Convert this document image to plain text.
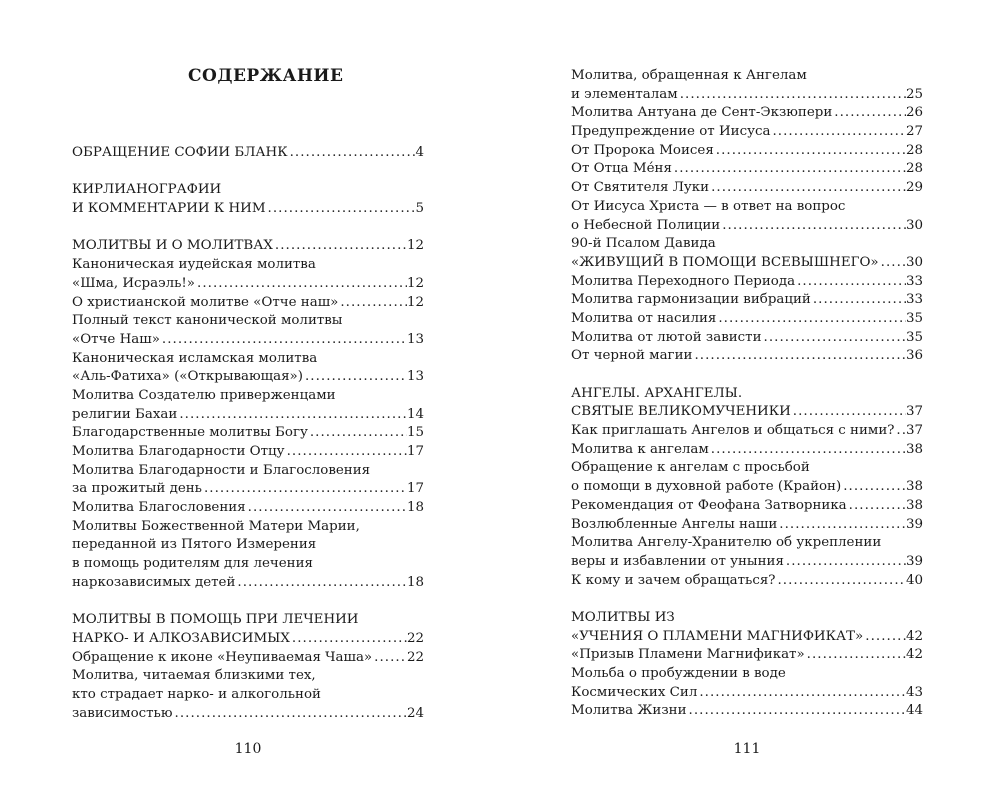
СОДЕРЖАНИЕ
ОБРАЩЕНИЕ СОФИИ БЛАНК . . .	4
КИРЛИАНОГРАФИИ
И КОММЕНТАРИИ К НИМ . . .	5
МОЛИТВЫ И О МОЛИТВАХ . . .	12
Каноническая иудейская молитва
«Шма, Исраэль!» . . .	12
О христианской молитве «Отче наш» . . .	12
Полный текст канонической молитвы
«Отче Наш» . . .	13
Каноническая исламская молитва
«Аль-Фатиха» («Открывающая») . . .	13
Молитва Создателю приверженцами
религии Бахаи . . .	14
Благодарственные молитвы Богу . . .	15
Молитва Благодарности Отцу . . .	17
Молитва Благодарности и Благословения
за прожитый день . . .	17
Молитва Благословения . . .	18
Молитвы Божественной Матери Марии,
переданной из Пятого Измерения
в помощь родителям для лечения
наркозависимых детей . . .	18
МОЛИТВЫ В ПОМОЩЬ ПРИ ЛЕЧЕНИИ
НАРКО- И АЛКОЗАВИСИМЫХ . . .	22
Обращение к иконе «Неупиваемая Чаша» . . .	22
Молитва, читаемая близкими тех,
кто страдает нарко- и алкогольной
зависимостью . . .	24
110
Молитва, обращенная к Ангелам
и элементалам . . .	25
Молитва Антуана де Сент-Экзюпери . . .	26
Предупреждение от Иисуса . . .	27
От Пророка Моисея . . .	28
От Отца Ме́ня . . .	28
От Святителя Луки . . .	29
От Иисуса Христа — в ответ на вопрос
о Небесной Полиции . . .	30
90-й Псалом Давида
«ЖИВУЩИЙ В ПОМОЩИ ВСЕВЫШНЕГО» . . . 30
Молитва Переходного Периода . . .	33
Молитва гармонизации вибраций . . .	33
Молитва от насилия . . .	35
Молитва от лютой зависти . . .	35
От черной магии . . .	36
АНГЕЛЫ. АРХАНГЕЛЫ.
СВЯТЫЕ ВЕЛИКОМУЧЕНИКИ . . .	37
Как приглашать Ангелов и общаться с ними? . . . 37
Молитва к ангелам . . .	38
Обращение к ангелам с просьбой
о помощи в духовной работе (Крайон) . . .	38
Рекомендация от Феофана Затворника . . .	38
Возлюбленные Ангелы наши . . .	39
Молитва Ангелу-Хранителю об укреплении
веры и избавлении от уныния . . .	39
К кому и зачем обращаться? . . .	40
МОЛИТВЫ ИЗ
«УЧЕНИЯ О ПЛАМЕНИ МАГНИФИКАТ» . . .	42
«Призыв Пламени Магнификат» . . .	42
Мольба о пробуждении в воде
Космических Сил . . .	43
Молитва Жизни . . .	44
111
